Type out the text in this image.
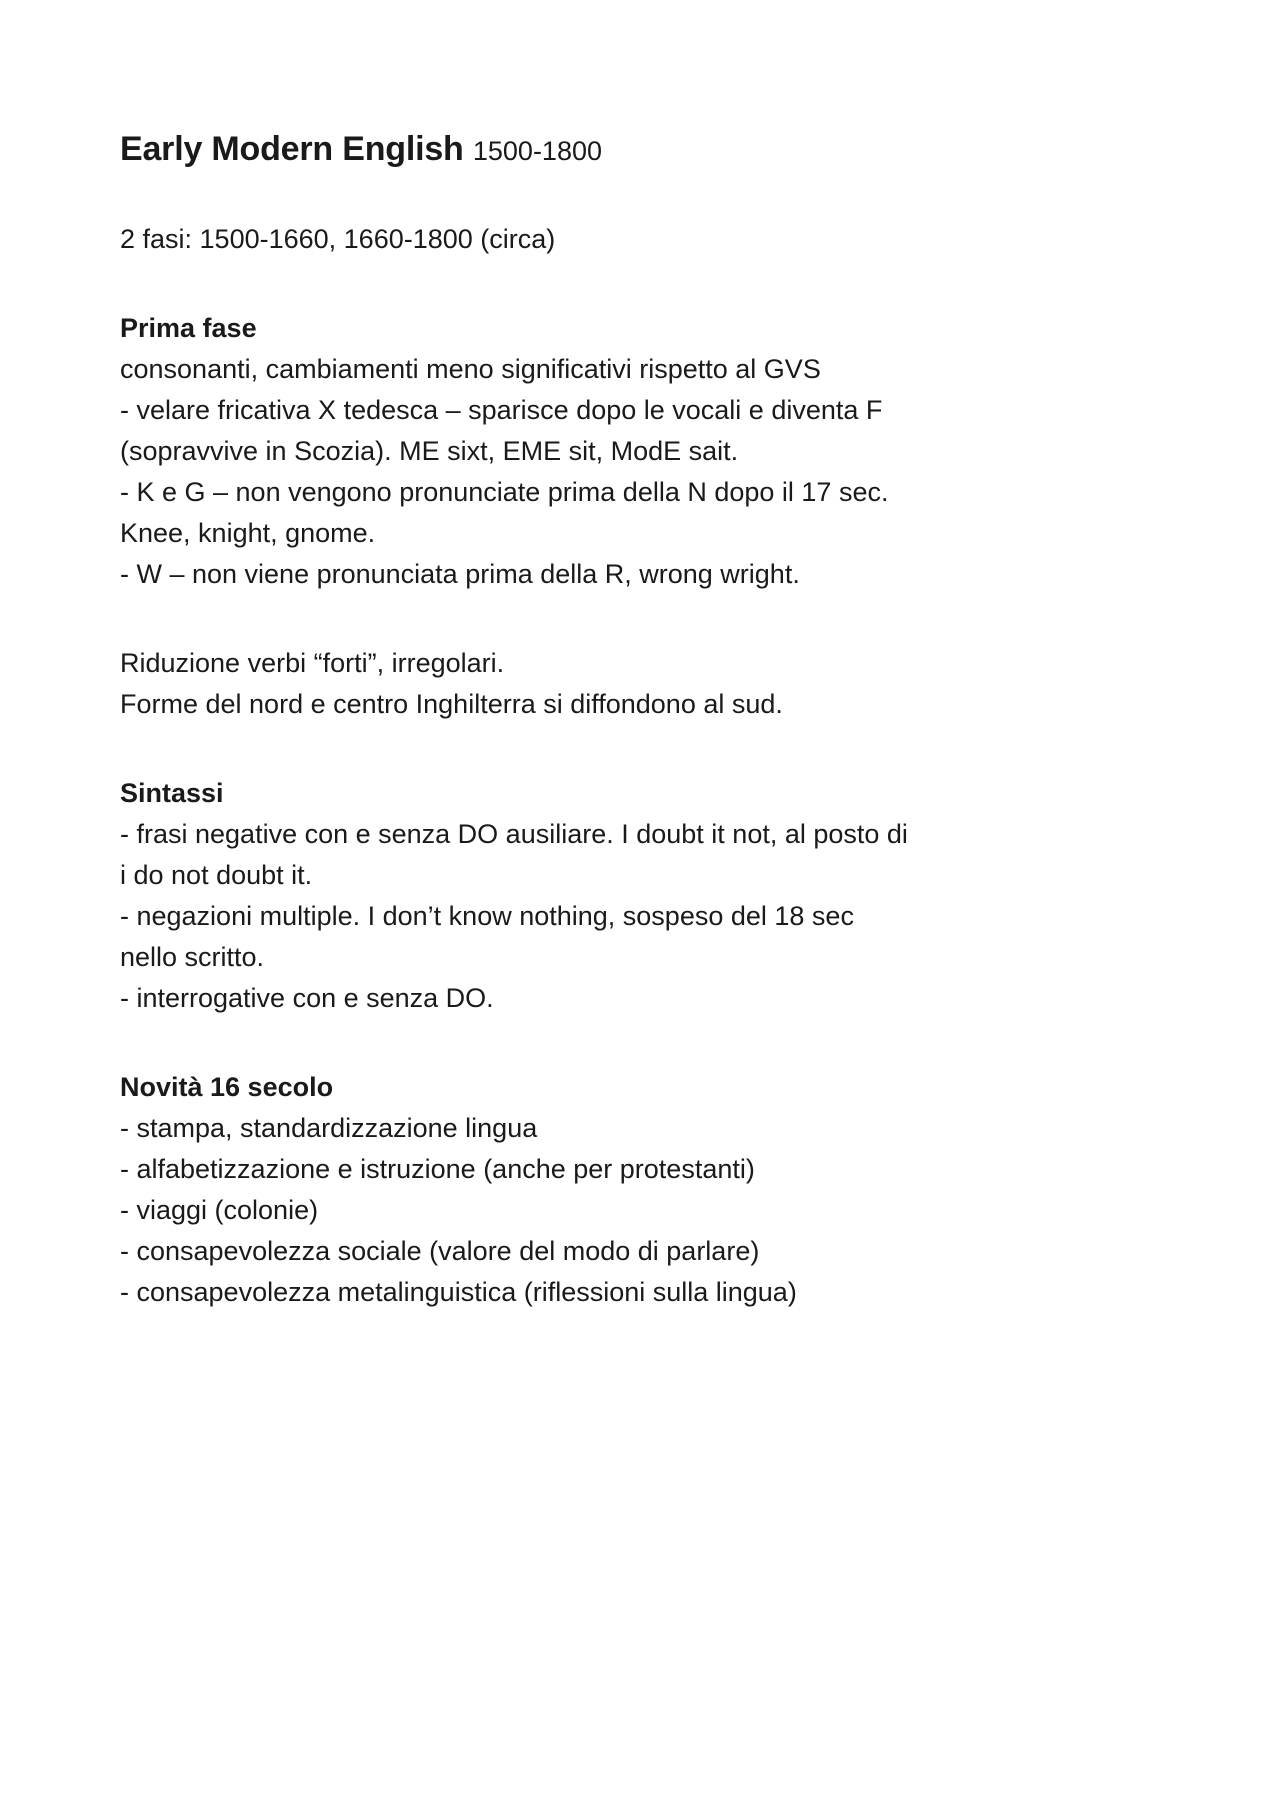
Early Modern English 1500-1800

2 fasi: 1500-1660, 1660-1800 (circa)

Prima fase

consonanti, cambiamenti meno significativi rispetto al GVS

- velare fricativa X tedesca – sparisce dopo le vocali e diventa F

(sopravvive in Scozia). ME sixt, EME sit, ModE sait.

- K e G – non vengono pronunciate prima della N dopo il 17 sec.

Knee, knight, gnome.

- W – non viene pronunciata prima della R, wrong wright.

Riduzione verbi “forti”, irregolari.

Forme del nord e centro Inghilterra si diffondono al sud.

Sintassi

- frasi negative con e senza DO ausiliare. I doubt it not, al posto di

i do not doubt it.

- negazioni multiple. I don’t know nothing, sospeso del 18 sec

nello scritto.

- interrogative con e senza DO.

Novità 16 secolo

- stampa, standardizzazione lingua

- alfabetizzazione e istruzione (anche per protestanti)

- viaggi (colonie)

- consapevolezza sociale (valore del modo di parlare)

- consapevolezza metalinguistica (riflessioni sulla lingua)
